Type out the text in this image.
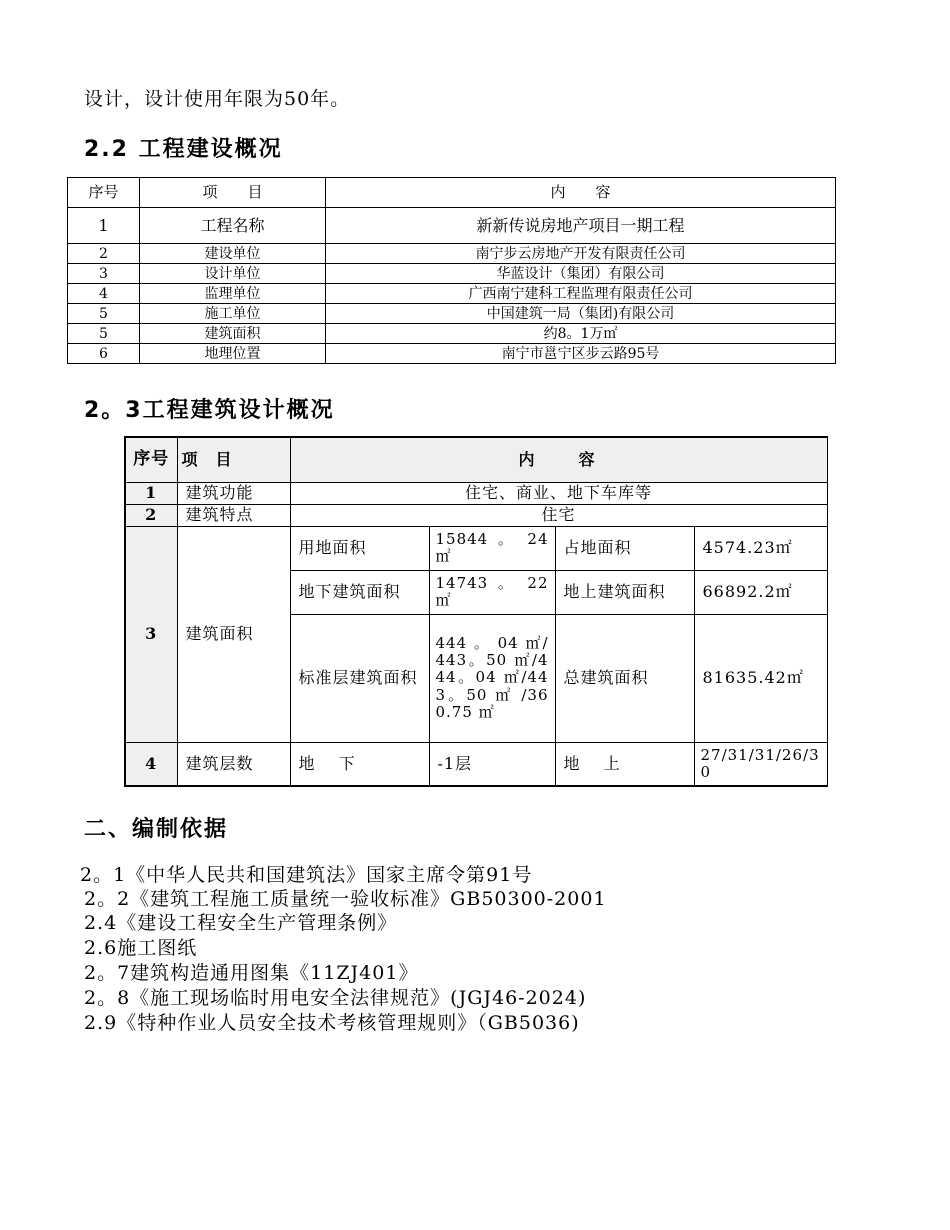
设计，设计使用年限为50年。
2.2 工程建设概况
序号	项　　目	内　　容
1	工程名称	新新传说房地产项目一期工程
2	建设单位	南宁步云房地产开发有限责任公司
3	设计单位	华蓝设计（集团）有限公司
4	监理单位	广西南宁建科工程监理有限责任公司
5	施工单位	中国建筑一局（集团)有限公司
5	建筑面积	约8。1万㎡
6	地理位置	南宁市邕宁区步云路95号
2。3工程建筑设计概况
序号	项　目	内　　容			
1	建筑功能	住宅、商业、地下车库等			
2	建筑特点	住宅			
3	建筑面积	用地面积	15844 。 24 ㎡	占地面积	4574.23㎡
		地下建筑面积	14743 。 22 ㎡	地上建筑面积	66892.2㎡
		标准层建筑面积	444 。 04 ㎡/443。50 ㎡/444。04 ㎡/443。50 ㎡ /360.75 ㎡	总建筑面积	81635.42㎡
4	建筑层数	地　 下	-1层	地　 上	27/31/31/26/30
二、编制依据
2。1《中华人民共和国建筑法》国家主席令第91号
2。2《建筑工程施工质量统一验收标准》GB50300-2001
2.4《建设工程安全生产管理条例》
2.6施工图纸
2。7建筑构造通用图集《11ZJ401》
2。8《施工现场临时用电安全法律规范》(JGJ46-2024)
2.9《特种作业人员安全技术考核管理规则》（GB5036)
